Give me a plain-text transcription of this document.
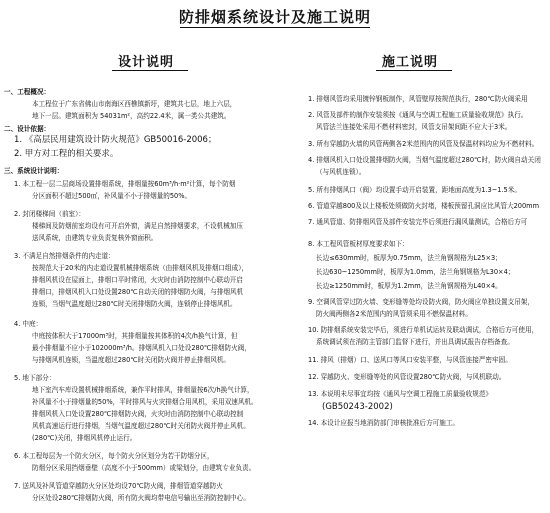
防排烟系统设计及施工说明
设计说明	施工说明
一、工程概况：
本工程位于广东省佛山市南海区西樵镇新圩，建筑共七层，地上六层，
地下一层。建筑面积为 54031m²，高约22.4米，属一类公共建筑。
二、设计依据：
1. 《高层民用建筑设计防火规范》GB50016-2006；
2. 甲方对工程的相关要求。
三、系统设计说明：
1. 本工程一层二层商场设置排烟系统，排烟量按60m³/h·m²计算，每个防烟
分区面积不超过500㎡，补风量不小于排烟量的50%。
2. 封闭楼梯间（前室）：
楼梯间及防烟前室均设有可开启外窗，满足自然排烟要求，不设机械加压
送风系统，由建筑专业负责复核外窗面积。
3. 不满足自然排烟条件的内走道：
按规范大于20米的内走道设置机械排烟系统（由排烟风机及排烟口组成），
排烟风机设在屋面上，排烟口平时常闭，火灾时由消防控制中心联动开启
排烟口，排烟风机入口处设置280℃自动关闭的排烟防火阀，与排烟风机
连锁，当烟气温度超过280℃时关闭排烟防火阀，连锁停止排烟风机。
4. 中庭：
中庭按体积大于17000m³时，其排烟量按其体积的4次/h换气计算，但
最小排烟量不应小于102000m³/h。排烟风机入口处设280℃排烟防火阀，
与排烟风机连锁，当温度超过280℃时关闭防火阀并停止排烟风机。
5. 地下部分：
地下室汽车库设置机械排烟系统，兼作平时排风，排烟量按6次/h换气计算，
补风量不小于排烟量的50%，平时排风与火灾排烟合用风机，采用双速风机。
排烟风机入口处设置280℃排烟防火阀，火灾时由消防控制中心联动控制
风机高速运行进行排烟，当烟气温度超过280℃时关闭防火阀并停止风机。
(280℃)关闭，排烟风机停止运行。
6. 本工程每层为一个防火分区，每个防火分区划分为若干防烟分区，
防烟分区采用挡烟垂壁（高度不小于500mm）或梁划分，由建筑专业负责。
7. 送风及补风管道穿越防火分区处均设70℃防火阀，排烟管道穿越防火
分区处设280℃排烟防火阀，所有防火阀均带电信号输出至消防控制中心。
1. 排烟风管均采用镀锌钢板制作，风管壁厚按规范执行，280℃防火阀采用
2. 风管及部件的制作安装须按《通风与空调工程施工质量验收规范》执行。
风管法兰连接处采用不燃材料密封，风管支吊架间距不应大于3米。
3. 所有穿越防火墙的风管两侧各2米范围内的风管及保温材料均应为不燃材料。
4. 排烟风机入口处设置排烟防火阀，当烟气温度超过280℃时，防火阀自动关闭
（与风机连锁）。
5. 所有排烟风口（阀）均设置手动开启装置，距地面高度为1.3~1.5米。
6. 管道穿越800及以上楼板处须做防火封堵，楼板预留孔洞应比风管大200mm
7. 通风管道、防排烟风管及部件安装完毕后须进行漏风量测试，合格后方可
8. 本工程风管板材厚度要求如下：
长边≤630mm时，板厚为0.75mm，法兰角钢规格为L25×3；
长边630~1250mm时，板厚为1.0mm，法兰角钢规格为L30×4；
长边≥1250mm时，板厚为1.2mm，法兰角钢规格为L40×4。
9. 空调风管穿过防火墙、变形缝等处均设防火阀，防火阀应单独设置支吊架，
防火阀两侧各2米范围内的风管须采用不燃保温材料。
10. 防排烟系统安装完毕后，须进行单机试运转及联动调试，合格后方可使用，
系统调试须在消防主管部门监督下进行，并出具调试报告存档备查。
11. 排风（排烟）口、送风口等风口安装平整，与风管连接严密牢固。
12. 穿越防火、变形缝等处的风管设置280℃防火阀，与风机联动。
13. 本说明未尽事宜均按《通风与空调工程施工质量验收规范》
(GB50243-2002)
14. 本设计应报当地消防部门审核批准后方可施工。
